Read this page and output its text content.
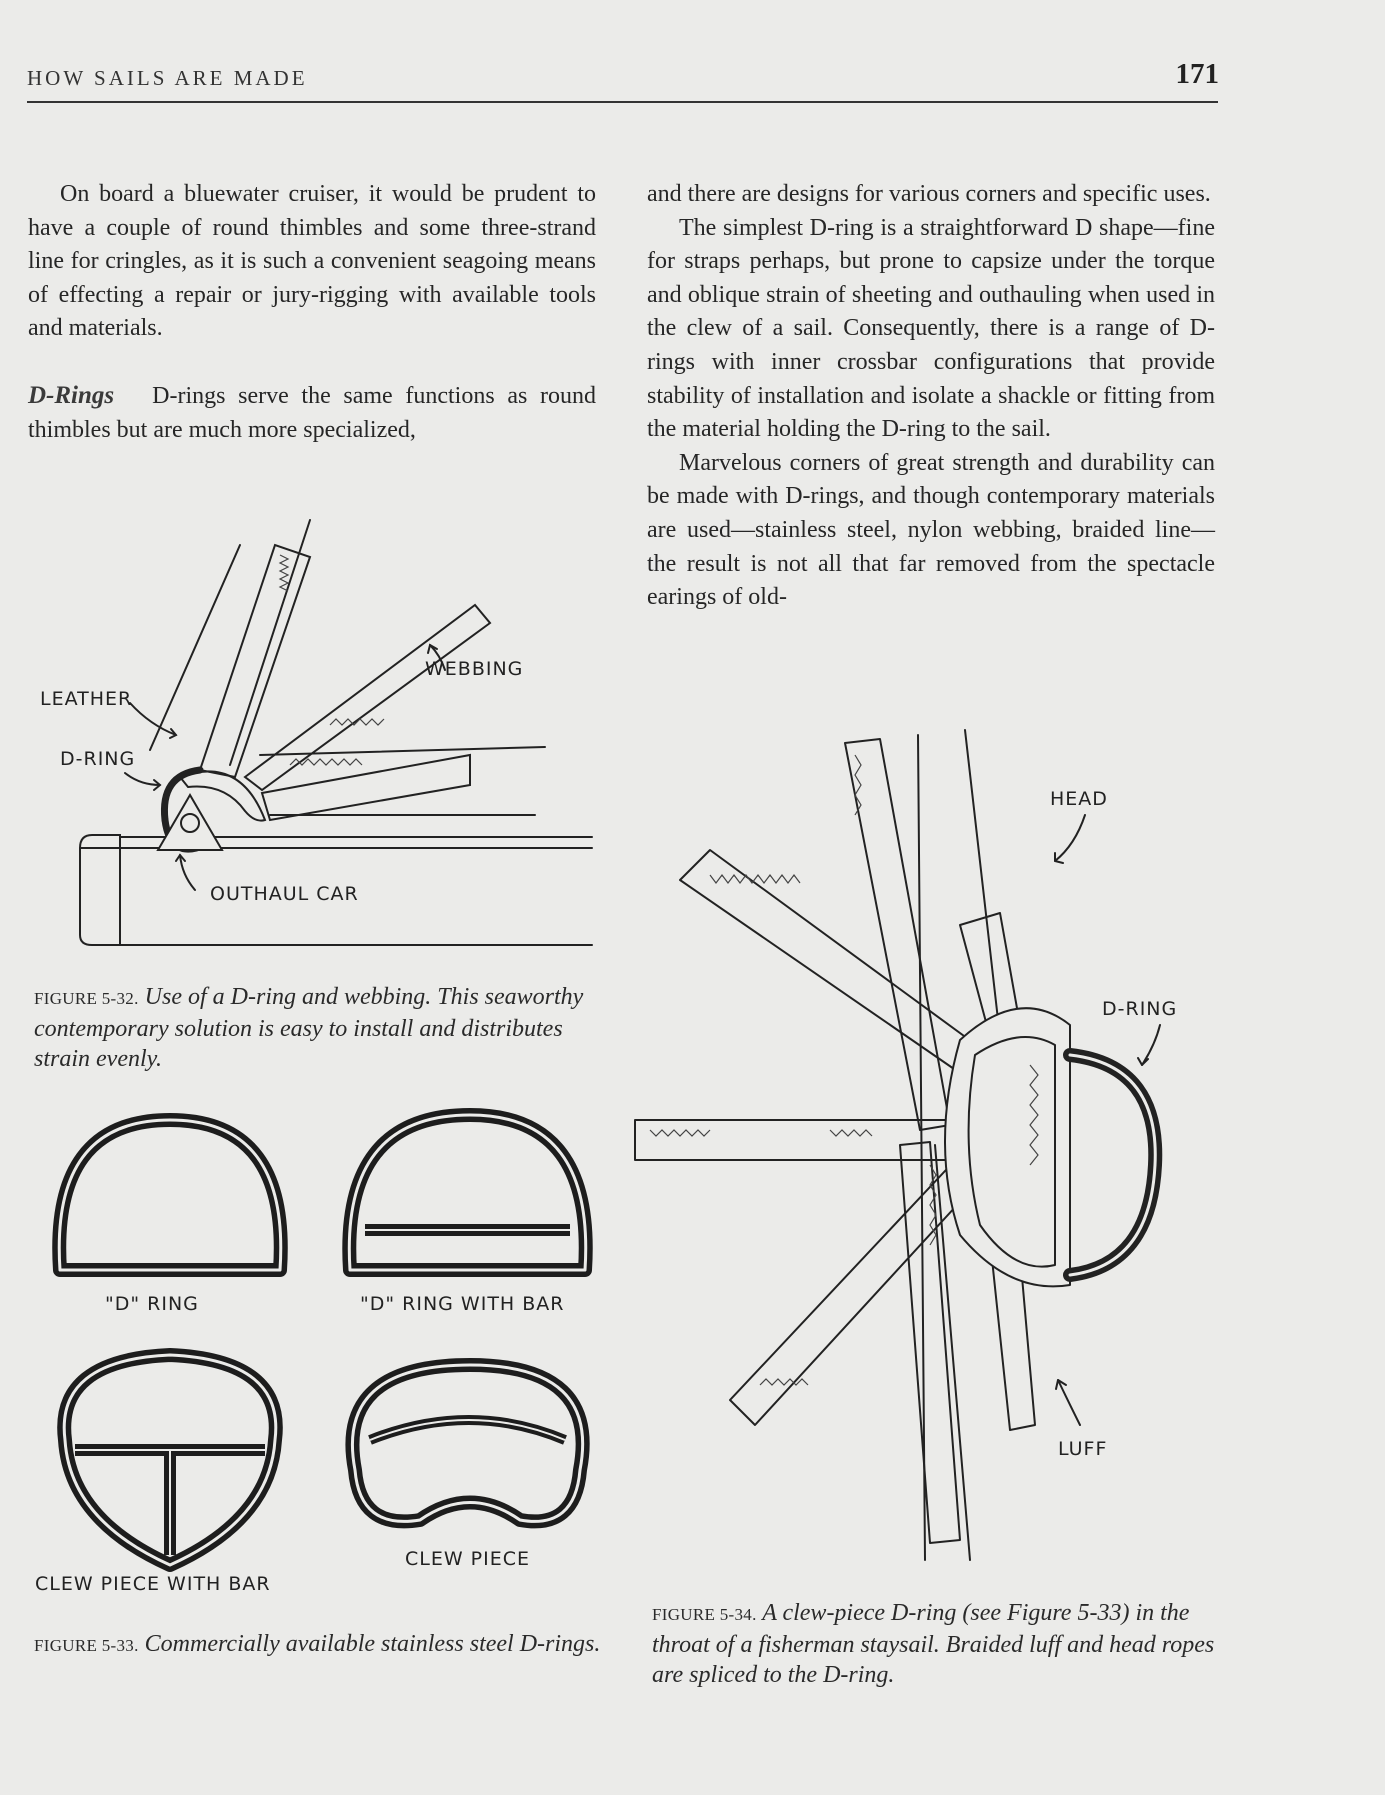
HOW SAILS ARE MADE	171

On board a bluewater cruiser, it would be prudent to have a couple of round thimbles and some three-strand line for cringles, as it is such a convenient seagoing means of effecting a repair or jury-rigging with available tools and materials.

D-Rings D-rings serve the same functions as round thimbles but are much more specialized,

and there are designs for various corners and specific uses.

The simplest D-ring is a straightforward D shape—fine for straps perhaps, but prone to capsize under the torque and oblique strain of sheeting and outhauling when used in the clew of a sail. Consequently, there is a range of D-rings with inner crossbar configurations that provide stability of installation and isolate a shackle or fitting from the material holding the D-ring to the sail.

Marvelous corners of great strength and durability can be made with D-rings, and though contemporary materials are used—stainless steel, nylon webbing, braided line—the result is not all that far removed from the spectacle earings of old-

LEATHER
WEBBING
D-RING
OUTHAUL CAR
FIGURE 5-32. Use of a D-ring and webbing. This seaworthy contemporary solution is easy to install and distributes strain evenly.
"D" RING	"D" RING WITH BAR
CLEW PIECE WITH BAR
CLEW PIECE
FIGURE 5-33. Commercially available stainless steel D-rings.
HEAD
D-RING
LUFF
FIGURE 5-34. A clew-piece D-ring (see Figure 5-33) in the throat of a fisherman staysail. Braided luff and head ropes are spliced to the D-ring.
